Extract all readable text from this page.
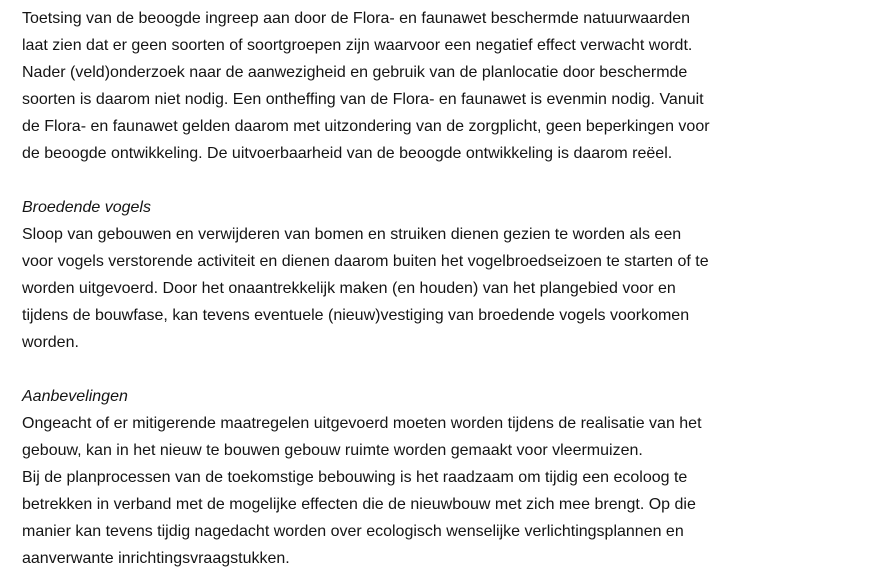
Toetsing van de beoogde ingreep aan door de Flora- en faunawet beschermde natuurwaarden
laat zien dat er geen soorten of soortgroepen zijn waarvoor een negatief effect verwacht wordt.
Nader (veld)onderzoek naar de aanwezigheid en gebruik van de planlocatie door beschermde
soorten is daarom niet nodig. Een ontheffing van de Flora- en faunawet is evenmin nodig. Vanuit
de Flora- en faunawet gelden daarom met uitzondering van de zorgplicht, geen beperkingen voor
de beoogde ontwikkeling. De uitvoerbaarheid van de beoogde ontwikkeling is daarom reëel.
Broedende vogels
Sloop van gebouwen en verwijderen van bomen en struiken dienen gezien te worden als een
voor vogels verstorende activiteit en dienen daarom buiten het vogelbroedseizoen te starten of te
worden uitgevoerd. Door het onaantrekkelijk maken (en houden) van het plangebied voor en
tijdens de bouwfase, kan tevens eventuele (nieuw)vestiging van broedende vogels voorkomen
worden.
Aanbevelingen
Ongeacht of er mitigerende maatregelen uitgevoerd moeten worden tijdens de realisatie van het
gebouw, kan in het nieuw te bouwen gebouw ruimte worden gemaakt voor vleermuizen.
Bij de planprocessen van de toekomstige bebouwing is het raadzaam om tijdig een ecoloog te
betrekken in verband met de mogelijke effecten die de nieuwbouw met zich mee brengt. Op die
manier kan tevens tijdig nagedacht worden over ecologisch wenselijke verlichtingsplannen en
aanverwante inrichtingsvraagstukken.
